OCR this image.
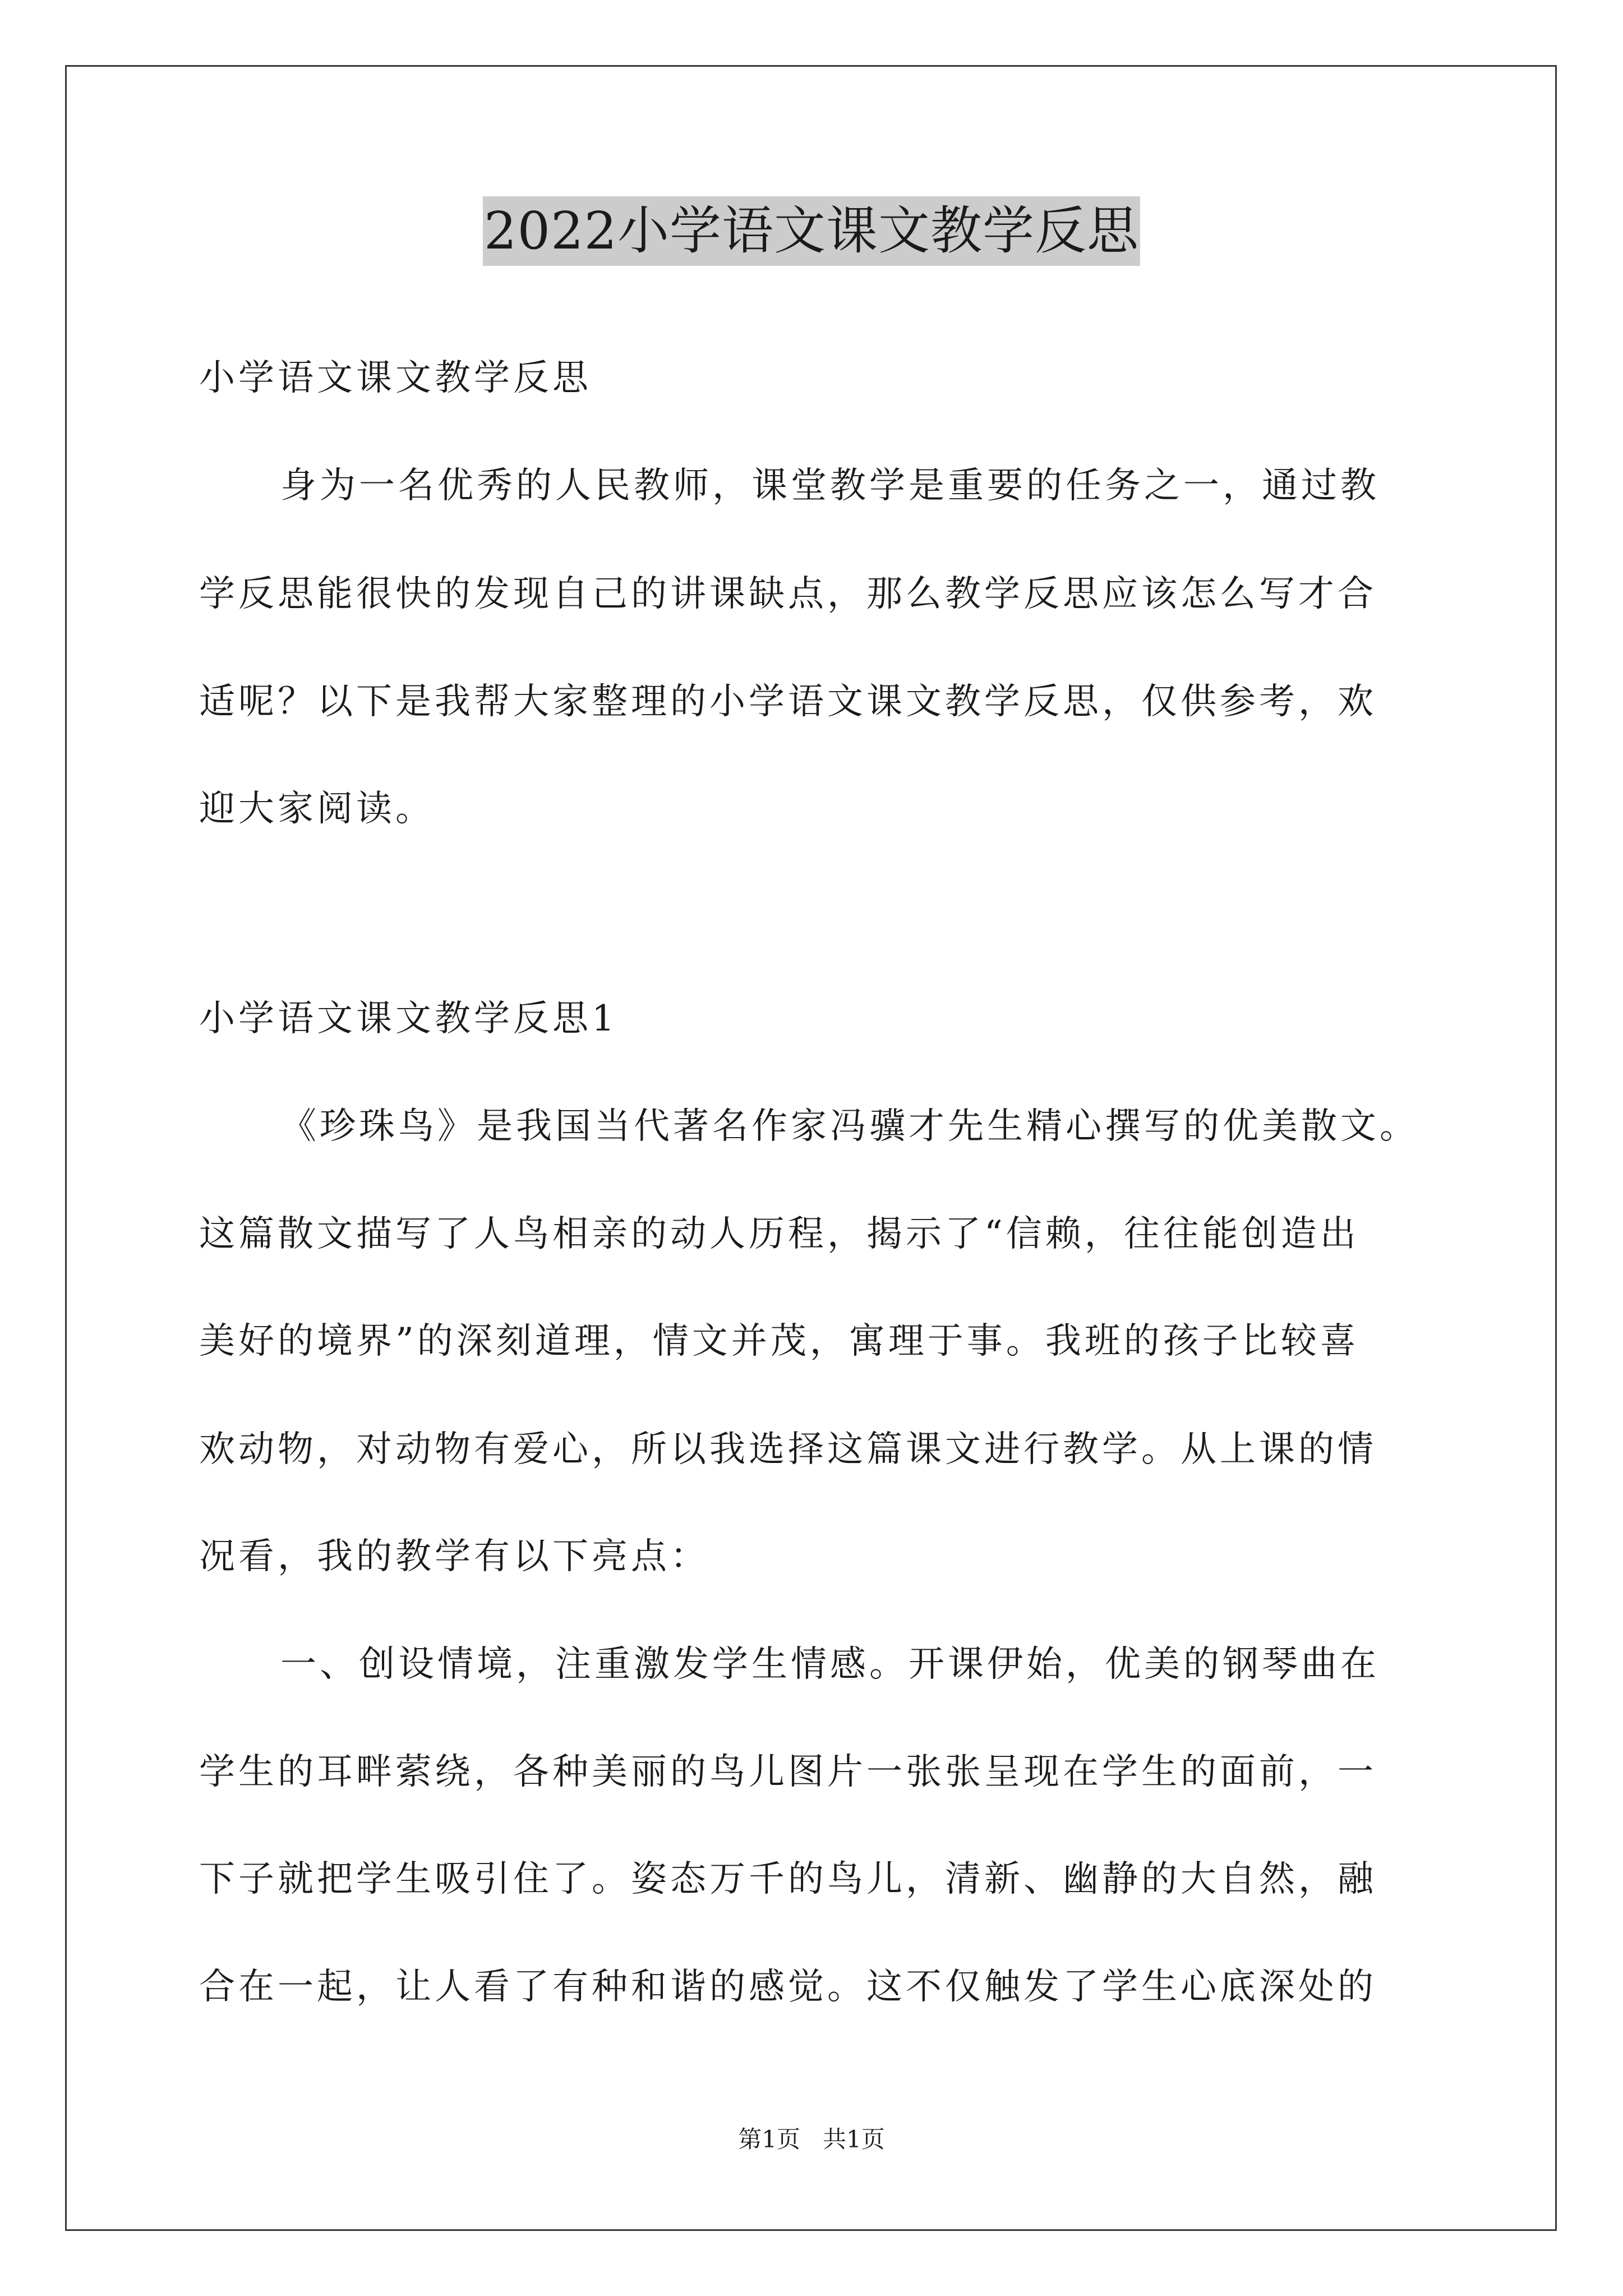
2022小学语文课文教学反思
小学语文课文教学反思
身为一名优秀的人民教师，课堂教学是重要的任务之一，通过教
学反思能很快的发现自己的讲课缺点，那么教学反思应该怎么写才合
适呢？以下是我帮大家整理的小学语文课文教学反思，仅供参考，欢
迎大家阅读。
小学语文课文教学反思1
《珍珠鸟》是我国当代著名作家冯骥才先生精心撰写的优美散文。
这篇散文描写了人鸟相亲的动人历程，揭示了“信赖，往往能创造出
美好的境界”的深刻道理，情文并茂，寓理于事。我班的孩子比较喜
欢动物，对动物有爱心，所以我选择这篇课文进行教学。从上课的情
况看，我的教学有以下亮点：
一、创设情境，注重激发学生情感。开课伊始，优美的钢琴曲在
学生的耳畔萦绕，各种美丽的鸟儿图片一张张呈现在学生的面前，一
下子就把学生吸引住了。姿态万千的鸟儿，清新、幽静的大自然，融
合在一起，让人看了有种和谐的感觉。这不仅触发了学生心底深处的
第1页 共1页
